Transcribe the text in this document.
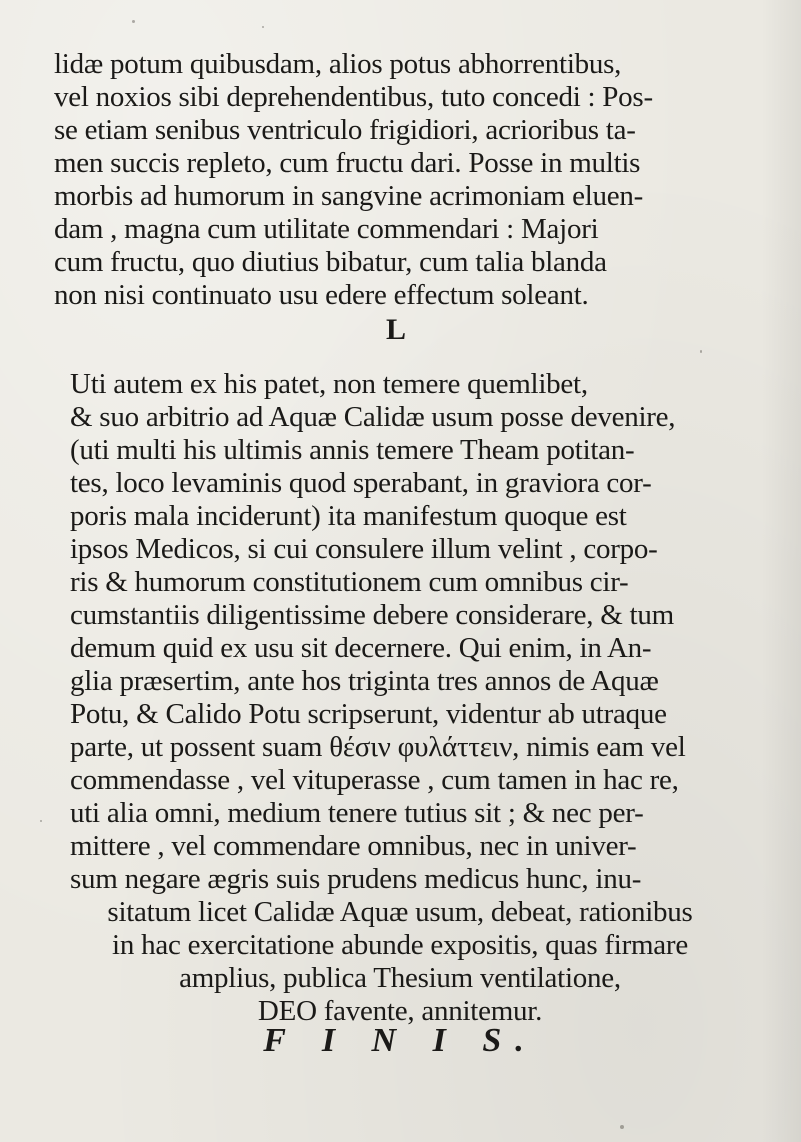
lidæ potum quibusdam, alios potus abhorrentibus,
vel noxios sibi deprehendentibus, tuto concedi : Pos-
se etiam senibus ventriculo frigidiori, acrioribus ta-
men succis repleto, cum fructu dari. Posse in multis
morbis ad humorum in sangvine acrimoniam eluen-
dam , magna cum utilitate commendari : Majori
cum fructu, quo diutius bibatur, cum talia blanda
non nisi continuato usu edere effectum soleant.
L
Uti autem ex his patet, non temere quemlibet,
& suo arbitrio ad Aquæ Calidæ usum posse devenire,
(uti multi his ultimis annis temere Theam potitan-
tes, loco levaminis quod sperabant, in graviora cor-
poris mala inciderunt) ita manifestum quoque est
ipsos Medicos, si cui consulere illum velint , corpo-
ris & humorum constitutionem cum omnibus cir-
cumstantiis diligentissime debere considerare, & tum
demum quid ex usu sit decernere. Qui enim, in An-
glia præsertim, ante hos triginta tres annos de Aquæ
Potu, & Calido Potu scripserunt, videntur ab utraque
parte, ut possent suam θέσιν φυλάττειν, nimis eam vel
commendasse , vel vituperasse , cum tamen in hac re,
uti alia omni, medium tenere tutius sit ; & nec per-
mittere , vel commendare omnibus, nec in univer-
sum negare ægris suis prudens medicus hunc, inu-
sitatum licet Calidæ Aquæ usum, debeat, rationibus
in hac exercitatione abunde expositis, quas firmare
amplius, publica Thesium ventilatione,
DEO favente, annitemur.
F I N I S.
